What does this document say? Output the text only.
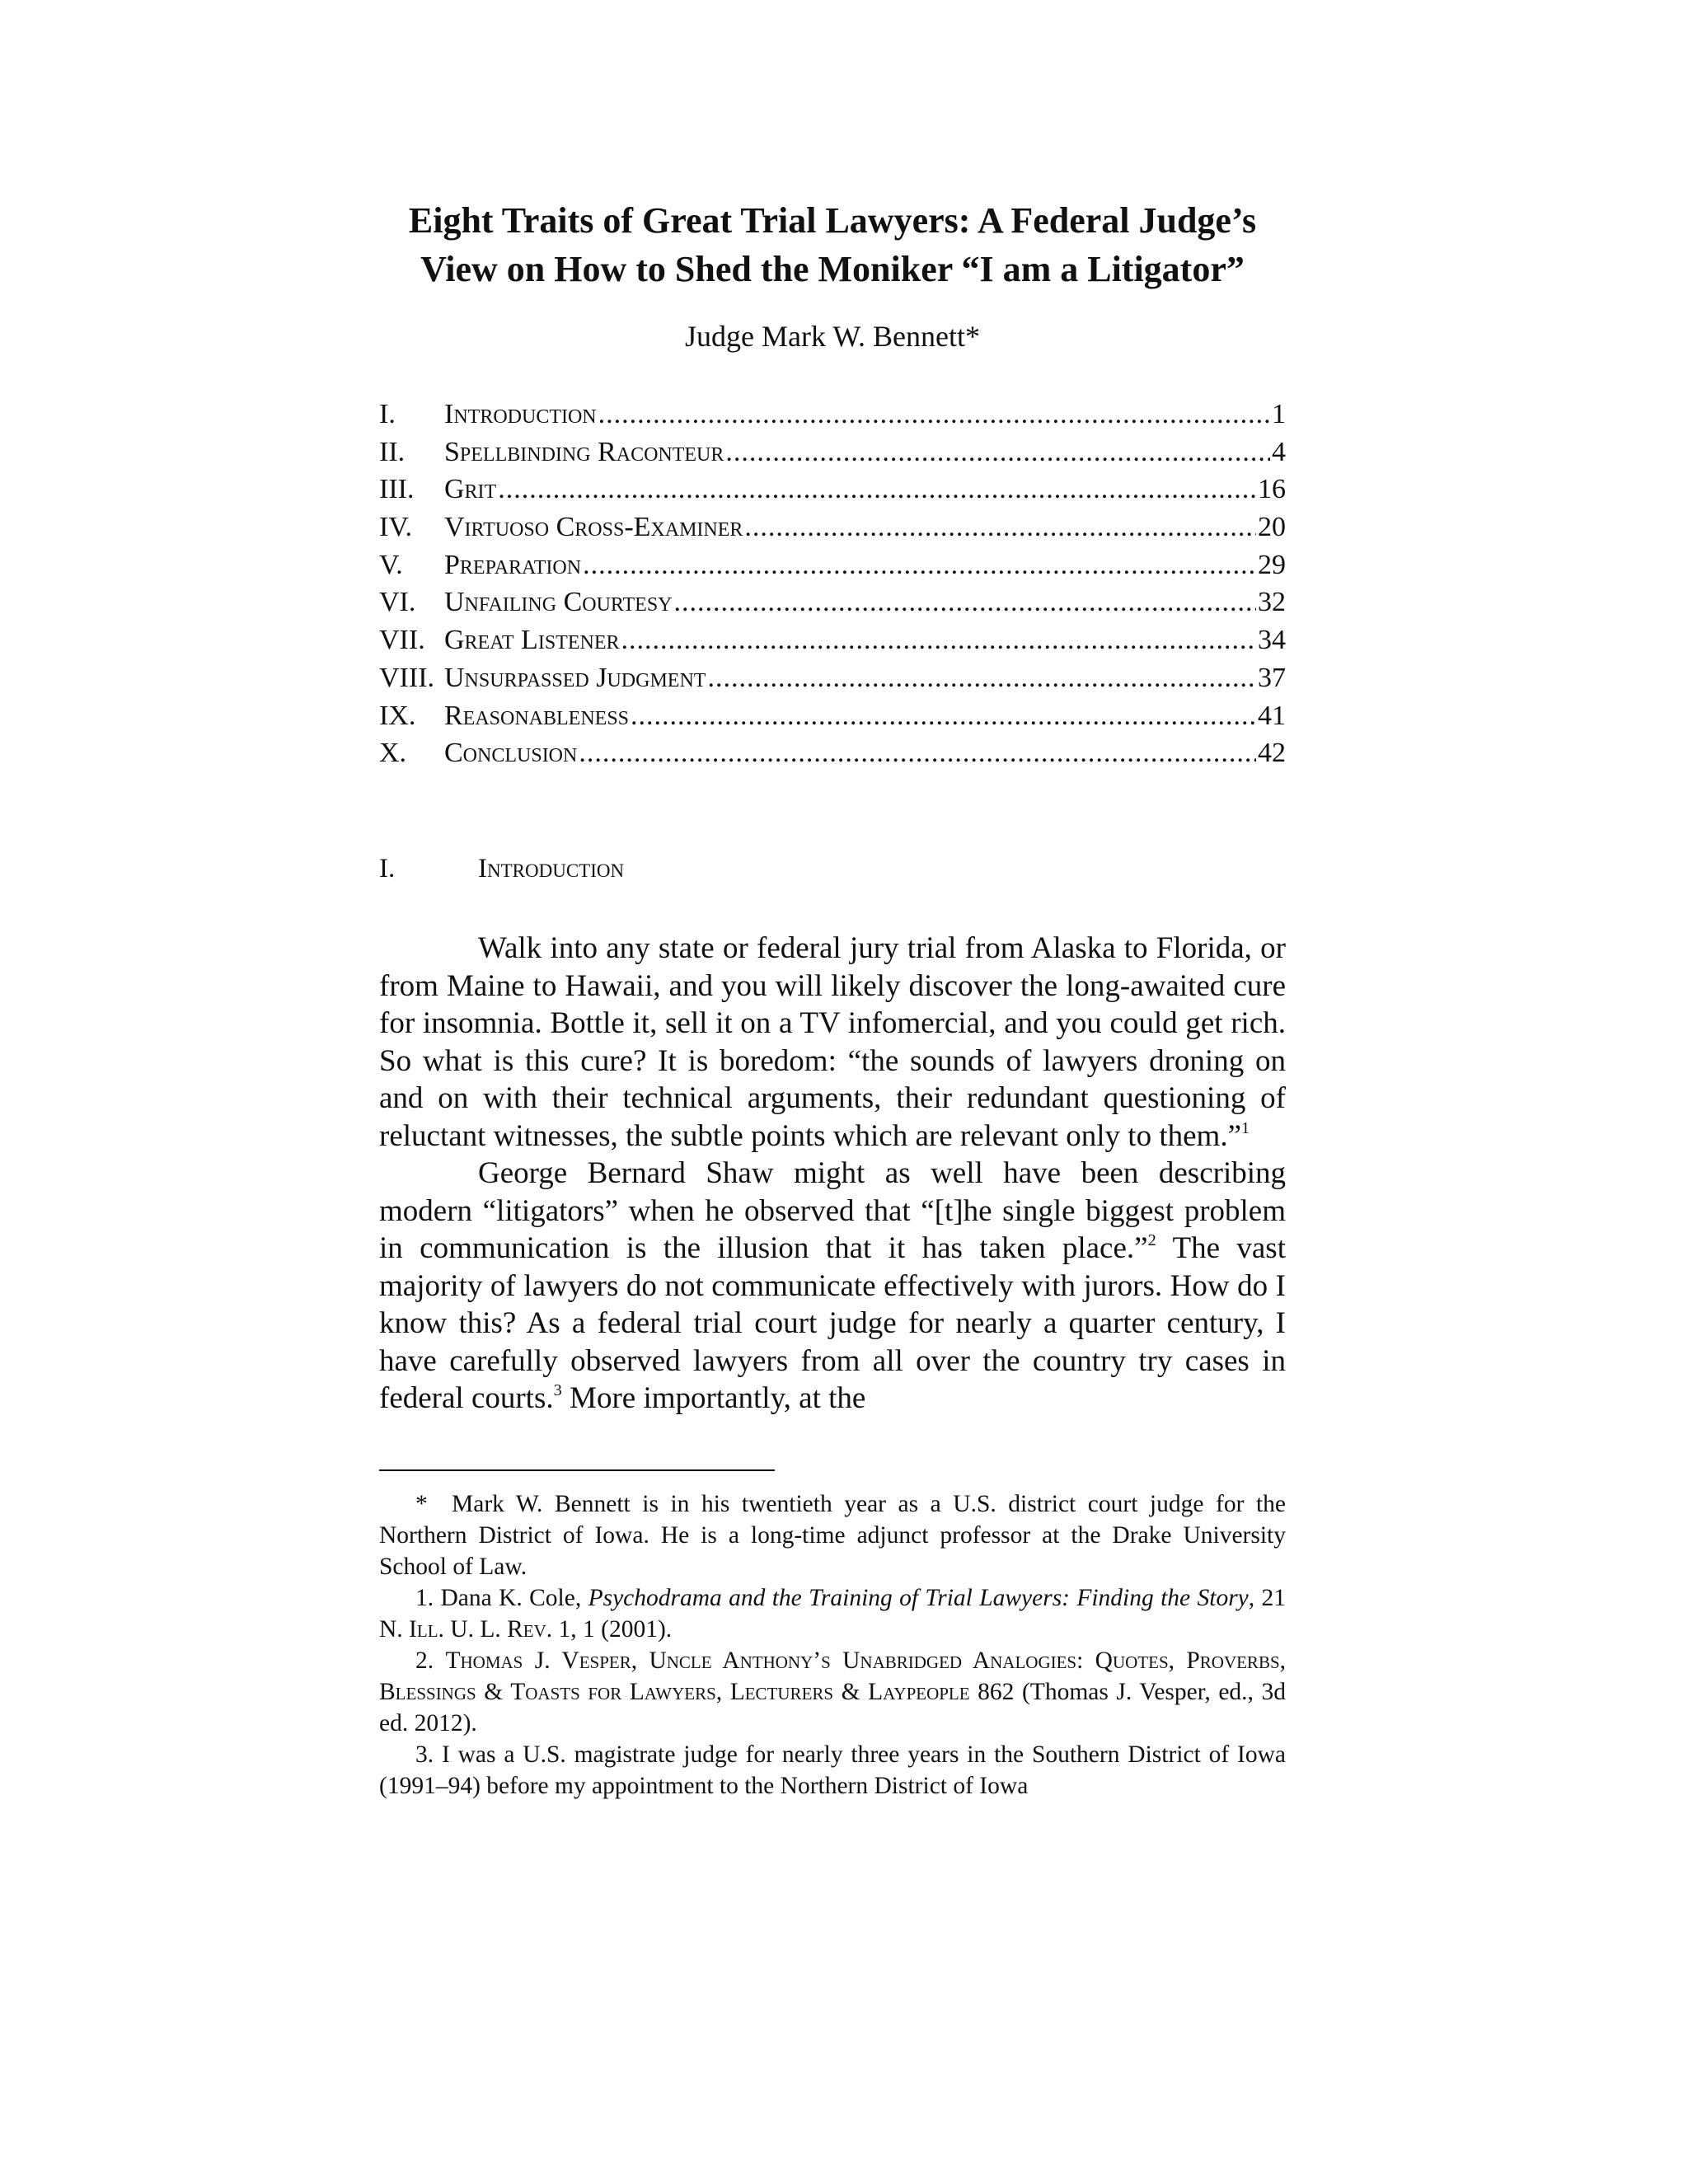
Eight Traits of Great Trial Lawyers: A Federal Judge’s
View on How to Shed the Moniker “I am a Litigator”
Judge Mark W. Bennett*
I.	Introduction .....	1
II.	Spellbinding Raconteur .....	4
III.	Grit .....	16
IV.	Virtuoso Cross-Examiner .....	20
V.	Preparation .....	29
VI.	Unfailing Courtesy .....	32
VII. Great Listener .....	34
VIII. Unsurpassed Judgment .....	37
IX.	Reasonableness .....	41
X.	Conclusion .....	42
I.	Introduction

Walk into any state or federal jury trial from Alaska to Florida, or from Maine to Hawaii, and you will likely discover the long-awaited cure for insomnia. Bottle it, sell it on a TV infomercial, and you could get rich. So what is this cure? It is boredom: “the sounds of lawyers droning on and on with their technical arguments, their redundant questioning of reluctant witnesses, the subtle points which are relevant only to them.”$^1$

George Bernard Shaw might as well have been describing modern “litigators” when he observed that “[t]he single biggest problem in communication is the illusion that it has taken place.”$^2$ The vast majority of lawyers do not communicate effectively with jurors. How do I know this? As a federal trial court judge for nearly a quarter century, I have carefully observed lawyers from all over the country try cases in federal courts.$^3$ More importantly, at the

* Mark W. Bennett is in his twentieth year as a U.S. district court judge for the Northern District of Iowa. He is a long-time adjunct professor at the Drake University School of Law.

1. Dana K. Cole, Psychodrama and the Training of Trial Lawyers: Finding the Story, 21 N. Ill. U. L. Rev. 1, 1 (2001).

2. Thomas J. Vesper, Uncle Anthony’s Unabridged Analogies: Quotes, Proverbs, Blessings & Toasts for Lawyers, Lecturers & Laypeople 862 (Thomas J. Vesper, ed., 3d ed. 2012).

3. I was a U.S. magistrate judge for nearly three years in the Southern District of Iowa (1991–94) before my appointment to the Northern District of Iowa
